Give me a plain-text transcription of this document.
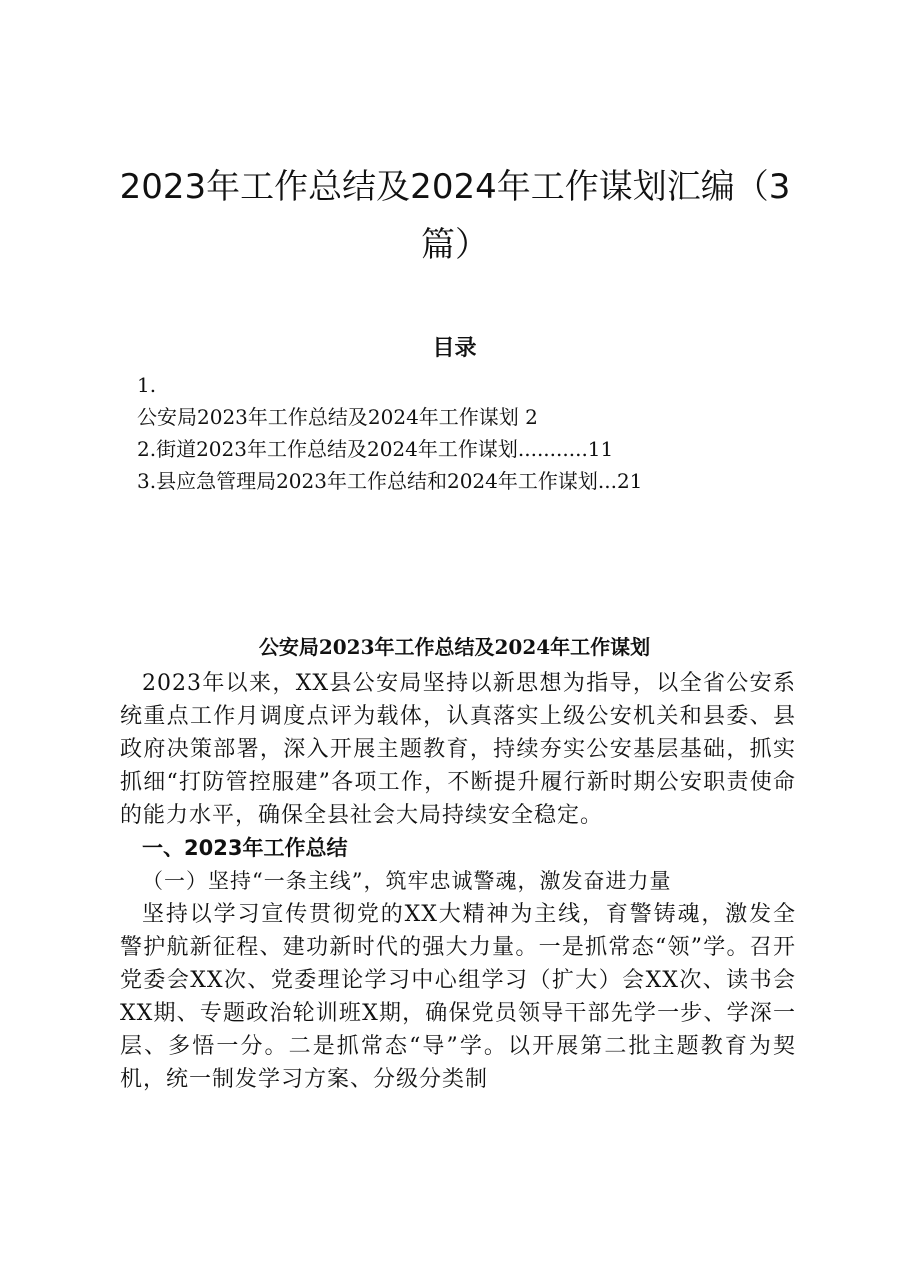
2023年工作总结及2024年工作谋划汇编（3篇）
目录
1.
公安局2023年工作总结及2024年工作谋划 2
2.街道2023年工作总结及2024年工作谋划...........11
3.县应急管理局2023年工作总结和2024年工作谋划...21
公安局2023年工作总结及2024年工作谋划

2023年以来，XX县公安局坚持以新思想为指导，以全省公安系统重点工作月调度点评为载体，认真落实上级公安机关和县委、县政府决策部署，深入开展主题教育，持续夯实公安基层基础，抓实抓细“打防管控服建”各项工作，不断提升履行新时期公安职责使命的能力水平，确保全县社会大局持续安全稳定。

一、2023年工作总结

（一）坚持“一条主线”，筑牢忠诚警魂，激发奋进力量

坚持以学习宣传贯彻党的XX大精神为主线，育警铸魂，激发全警护航新征程、建功新时代的强大力量。一是抓常态“领”学。召开党委会XX次、党委理论学习中心组学习（扩大）会XX次、读书会XX期、专题政治轮训班X期，确保党员领导干部先学一步、学深一层、多悟一分。二是抓常态“导”学。以开展第二批主题教育为契机，统一制发学习方案、分级分类制
